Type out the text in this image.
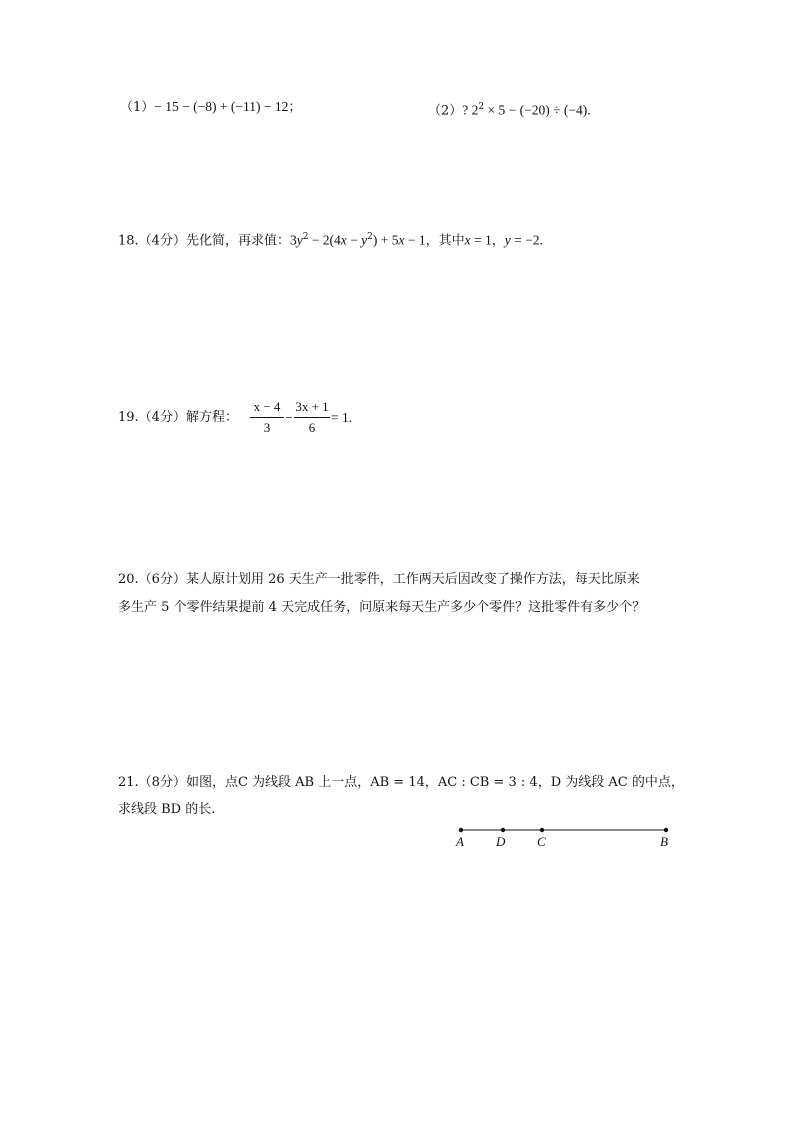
（1）− 15 − (−8) + (−11) − 12；	（2）? $2^2 \times 5 - (-20) \div (-4)$.
18.（4分）先化简，再求值：$3y^2 - 2(4x - y^2) + 5x - 1$，其中x = 1，y = −2.
19.（4分）解方程：
x − 4
3
−
3x + 1
6
= 1.
20.（6分）某人原计划用 26 天生产一批零件，工作两天后因改变了操作方法，每天比原来
多生产 5 个零件结果提前 4 天完成任务，问原来每天生产多少个零件？这批零件有多少个？
21.（8分）如图，点C 为线段 AB 上一点，AB = 14，AC : CB = 3 : 4，D 为线段 AC 的中点，
求线段 BD 的长.
A D C	B
